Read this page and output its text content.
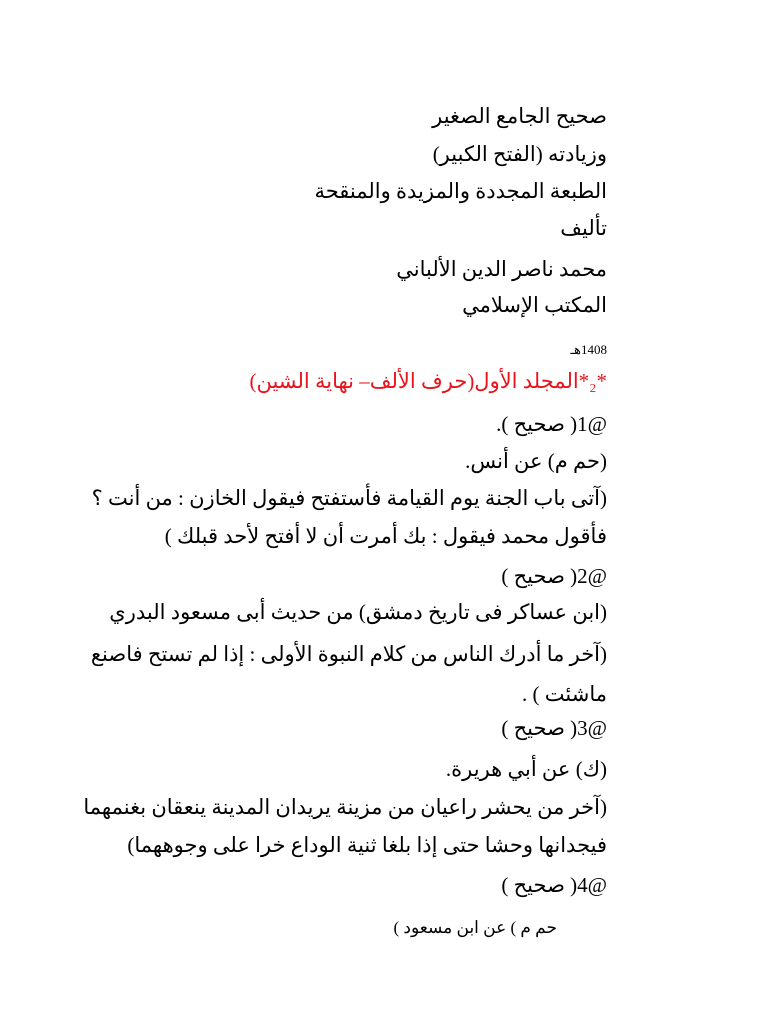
صحيح الجامع الصغير
وزيادته (الفتح الكبير)
الطبعة المجددة والمزيدة والمنقحة
تأليف
محمد ناصر الدين الألباني
المكتب الإسلامي
1408هـ
*₂*المجلد الأول(حرف الألف– نهاية الشين)
@1( صحيح ).
(حم م) عن أنس.
(آتى باب الجنة يوم القيامة فأستفتح فيقول الخازن : من أنت ؟
فأقول محمد فيقول : بك أمرت أن لا أفتح لأحد قبلك )
@2( صحيح )
(ابن عساكر فى تاريخ دمشق) من حديث أبى مسعود البدري
(آخر ما أدرك الناس من كلام النبوة الأولى : إذا لم تستح فاصنع
ماشئت ) .
@3( صحيح )
(ك) عن أبي هريرة.
(آخر من يحشر راعيان من مزينة يريدان المدينة ينعقان بغنمهما
فيجدانها وحشا حتى إذا بلغا ثنية الوداع خرا على وجوههما)
@4( صحيح )
حم م ) عن ابن مسعود )
